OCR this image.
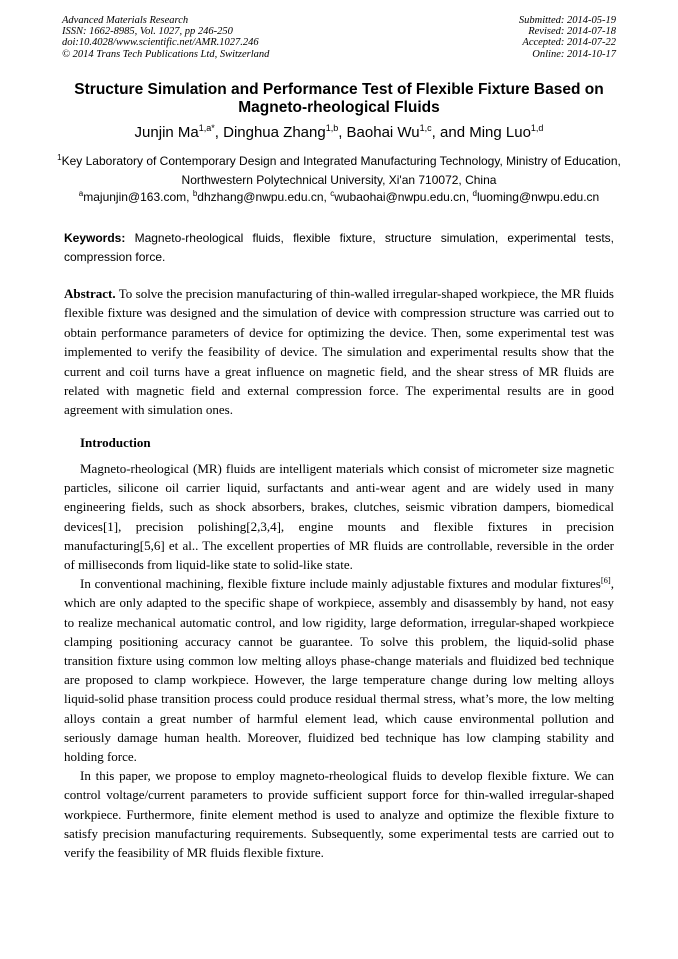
Advanced Materials Research
ISSN: 1662-8985, Vol. 1027, pp 246-250
doi:10.4028/www.scientific.net/AMR.1027.246
© 2014 Trans Tech Publications Ltd, Switzerland
Submitted: 2014-05-19
Revised: 2014-07-18
Accepted: 2014-07-22
Online: 2014-10-17
Structure Simulation and Performance Test of Flexible Fixture Based on Magneto-rheological Fluids
Junjin $Ma^{1,a*}$, Dinghua Zhang$^{1,b}$, Baohai Wu$^{1,c}$, and Ming Luo$^{1,d}$
$^1$Key Laboratory of Contemporary Design and Integrated Manufacturing Technology, Ministry of Education, Northwestern Polytechnical University, Xi'an 710072, China
$^a$majunjin@163.com, $^b$dhzhang@nwpu.edu.cn, $^c$wubaohai@nwpu.edu.cn, $^d$luoming@nwpu.edu.cn
Keywords: Magneto-rheological fluids, flexible fixture, structure simulation, experimental tests, compression force.
Abstract. To solve the precision manufacturing of thin-walled irregular-shaped workpiece, the MR fluids flexible fixture was designed and the simulation of device with compression structure was carried out to obtain performance parameters of device for optimizing the device. Then, some experimental test was implemented to verify the feasibility of device. The simulation and experimental results show that the current and coil turns have a great influence on magnetic field, and the shear stress of MR fluids are related with magnetic field and external compression force. The experimental results are in good agreement with simulation ones.
Introduction

Magneto-rheological (MR) fluids are intelligent materials which consist of micrometer size magnetic particles, silicone oil carrier liquid, surfactants and anti-wear agent and are widely used in many engineering fields, such as shock absorbers, brakes, clutches, seismic vibration dampers, biomedical devices[1], precision polishing[2,3,4], engine mounts and flexible fixtures in precision manufacturing[5,6] et al.. The excellent properties of MR fluids are controllable, reversible in the order of milliseconds from liquid-like state to solid-like state.

In conventional machining, flexible fixture include mainly adjustable fixtures and modular fixtures[6], which are only adapted to the specific shape of workpiece, assembly and disassembly by hand, not easy to realize mechanical automatic control, and low rigidity, large deformation, irregular-shaped workpiece clamping positioning accuracy cannot be guarantee. To solve this problem, the liquid-solid phase transition fixture using common low melting alloys phase-change materials and fluidized bed technique are proposed to clamp workpiece. However, the large temperature change during low melting alloys liquid-solid phase transition process could produce residual thermal stress, what’s more, the low melting alloys contain a great number of harmful element lead, which cause environmental pollution and seriously damage human health. Moreover, fluidized bed technique has low clamping stability and holding force.

In this paper, we propose to employ magneto-rheological fluids to develop flexible fixture. We can control voltage/current parameters to provide sufficient support force for thin-walled irregular-shaped workpiece. Furthermore, finite element method is used to analyze and optimize the flexible fixture to satisfy precision manufacturing requirements. Subsequently, some experimental tests are carried out to verify the feasibility of MR fluids flexible fixture.
